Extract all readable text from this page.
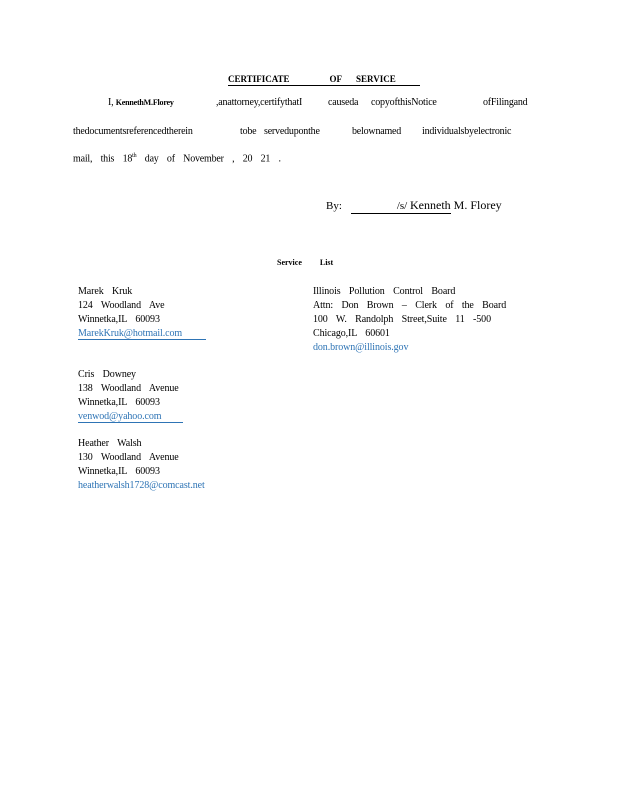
CERTIFICATE	OF SERVICE
I, KennethM.Florey	,anattorney,certifythatI	causeda copyofthisNotice	ofFilingand
thedocumentsreferencedtherein	tobe serveduponthe	belownamed individualsbyelectronic
mail, this 18th day of November , 20 21 .
By:	/s/ Kenneth M. Florey
Service List
Marek Kruk
124 Woodland Ave
Winnetka,IL 60093
MarekKruk@hotmail.com
Cris Downey
138 Woodland Avenue
Winnetka,IL 60093
venwod@yahoo.com
Heather Walsh
130 Woodland Avenue
Winnetka,IL 60093
heatherwalsh1728@comcast.net
Illinois Pollution Control Board
Attn: Don Brown – Clerk of the Board
100 W. Randolph Street,Suite 11 -500
Chicago,IL 60601
don.brown@illinois.gov
